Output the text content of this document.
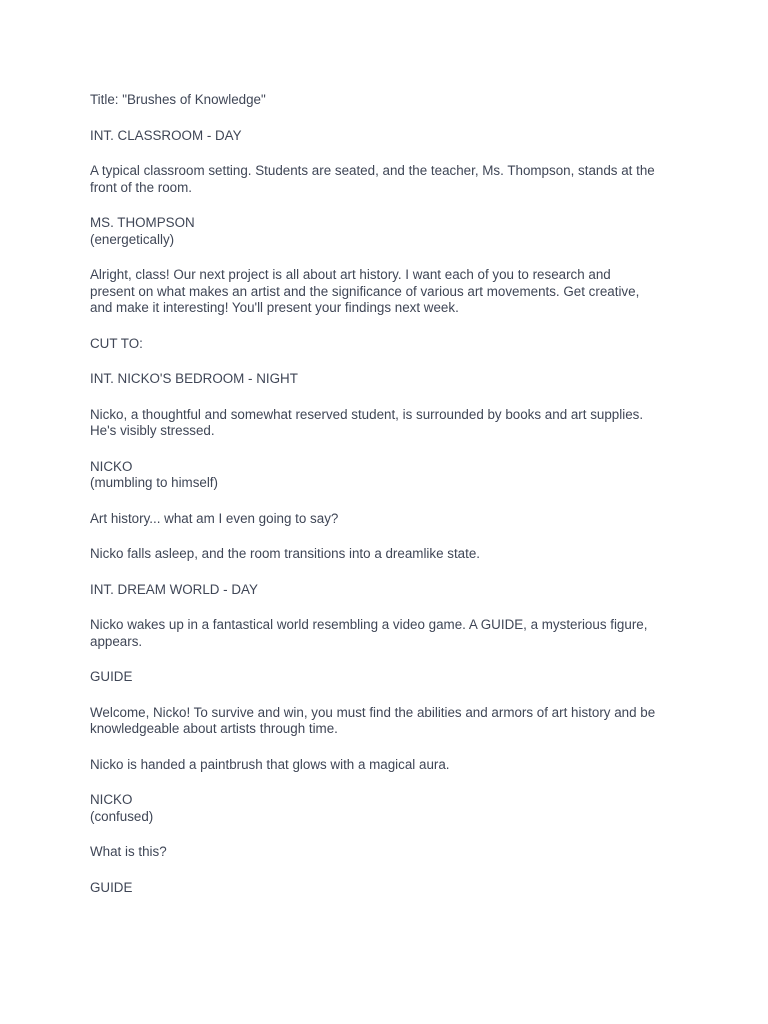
Title: "Brushes of Knowledge"

INT. CLASSROOM - DAY

A typical classroom setting. Students are seated, and the teacher, Ms. Thompson, stands at the
front of the room.

MS. THOMPSON
(energetically)

Alright, class! Our next project is all about art history. I want each of you to research and
present on what makes an artist and the significance of various art movements. Get creative,
and make it interesting! You'll present your findings next week.

CUT TO:

INT. NICKO'S BEDROOM - NIGHT

Nicko, a thoughtful and somewhat reserved student, is surrounded by books and art supplies.
He's visibly stressed.

NICKO
(mumbling to himself)

Art history... what am I even going to say?

Nicko falls asleep, and the room transitions into a dreamlike state.

INT. DREAM WORLD - DAY

Nicko wakes up in a fantastical world resembling a video game. A GUIDE, a mysterious figure,
appears.

GUIDE

Welcome, Nicko! To survive and win, you must find the abilities and armors of art history and be
knowledgeable about artists through time.

Nicko is handed a paintbrush that glows with a magical aura.

NICKO
(confused)

What is this?

GUIDE
